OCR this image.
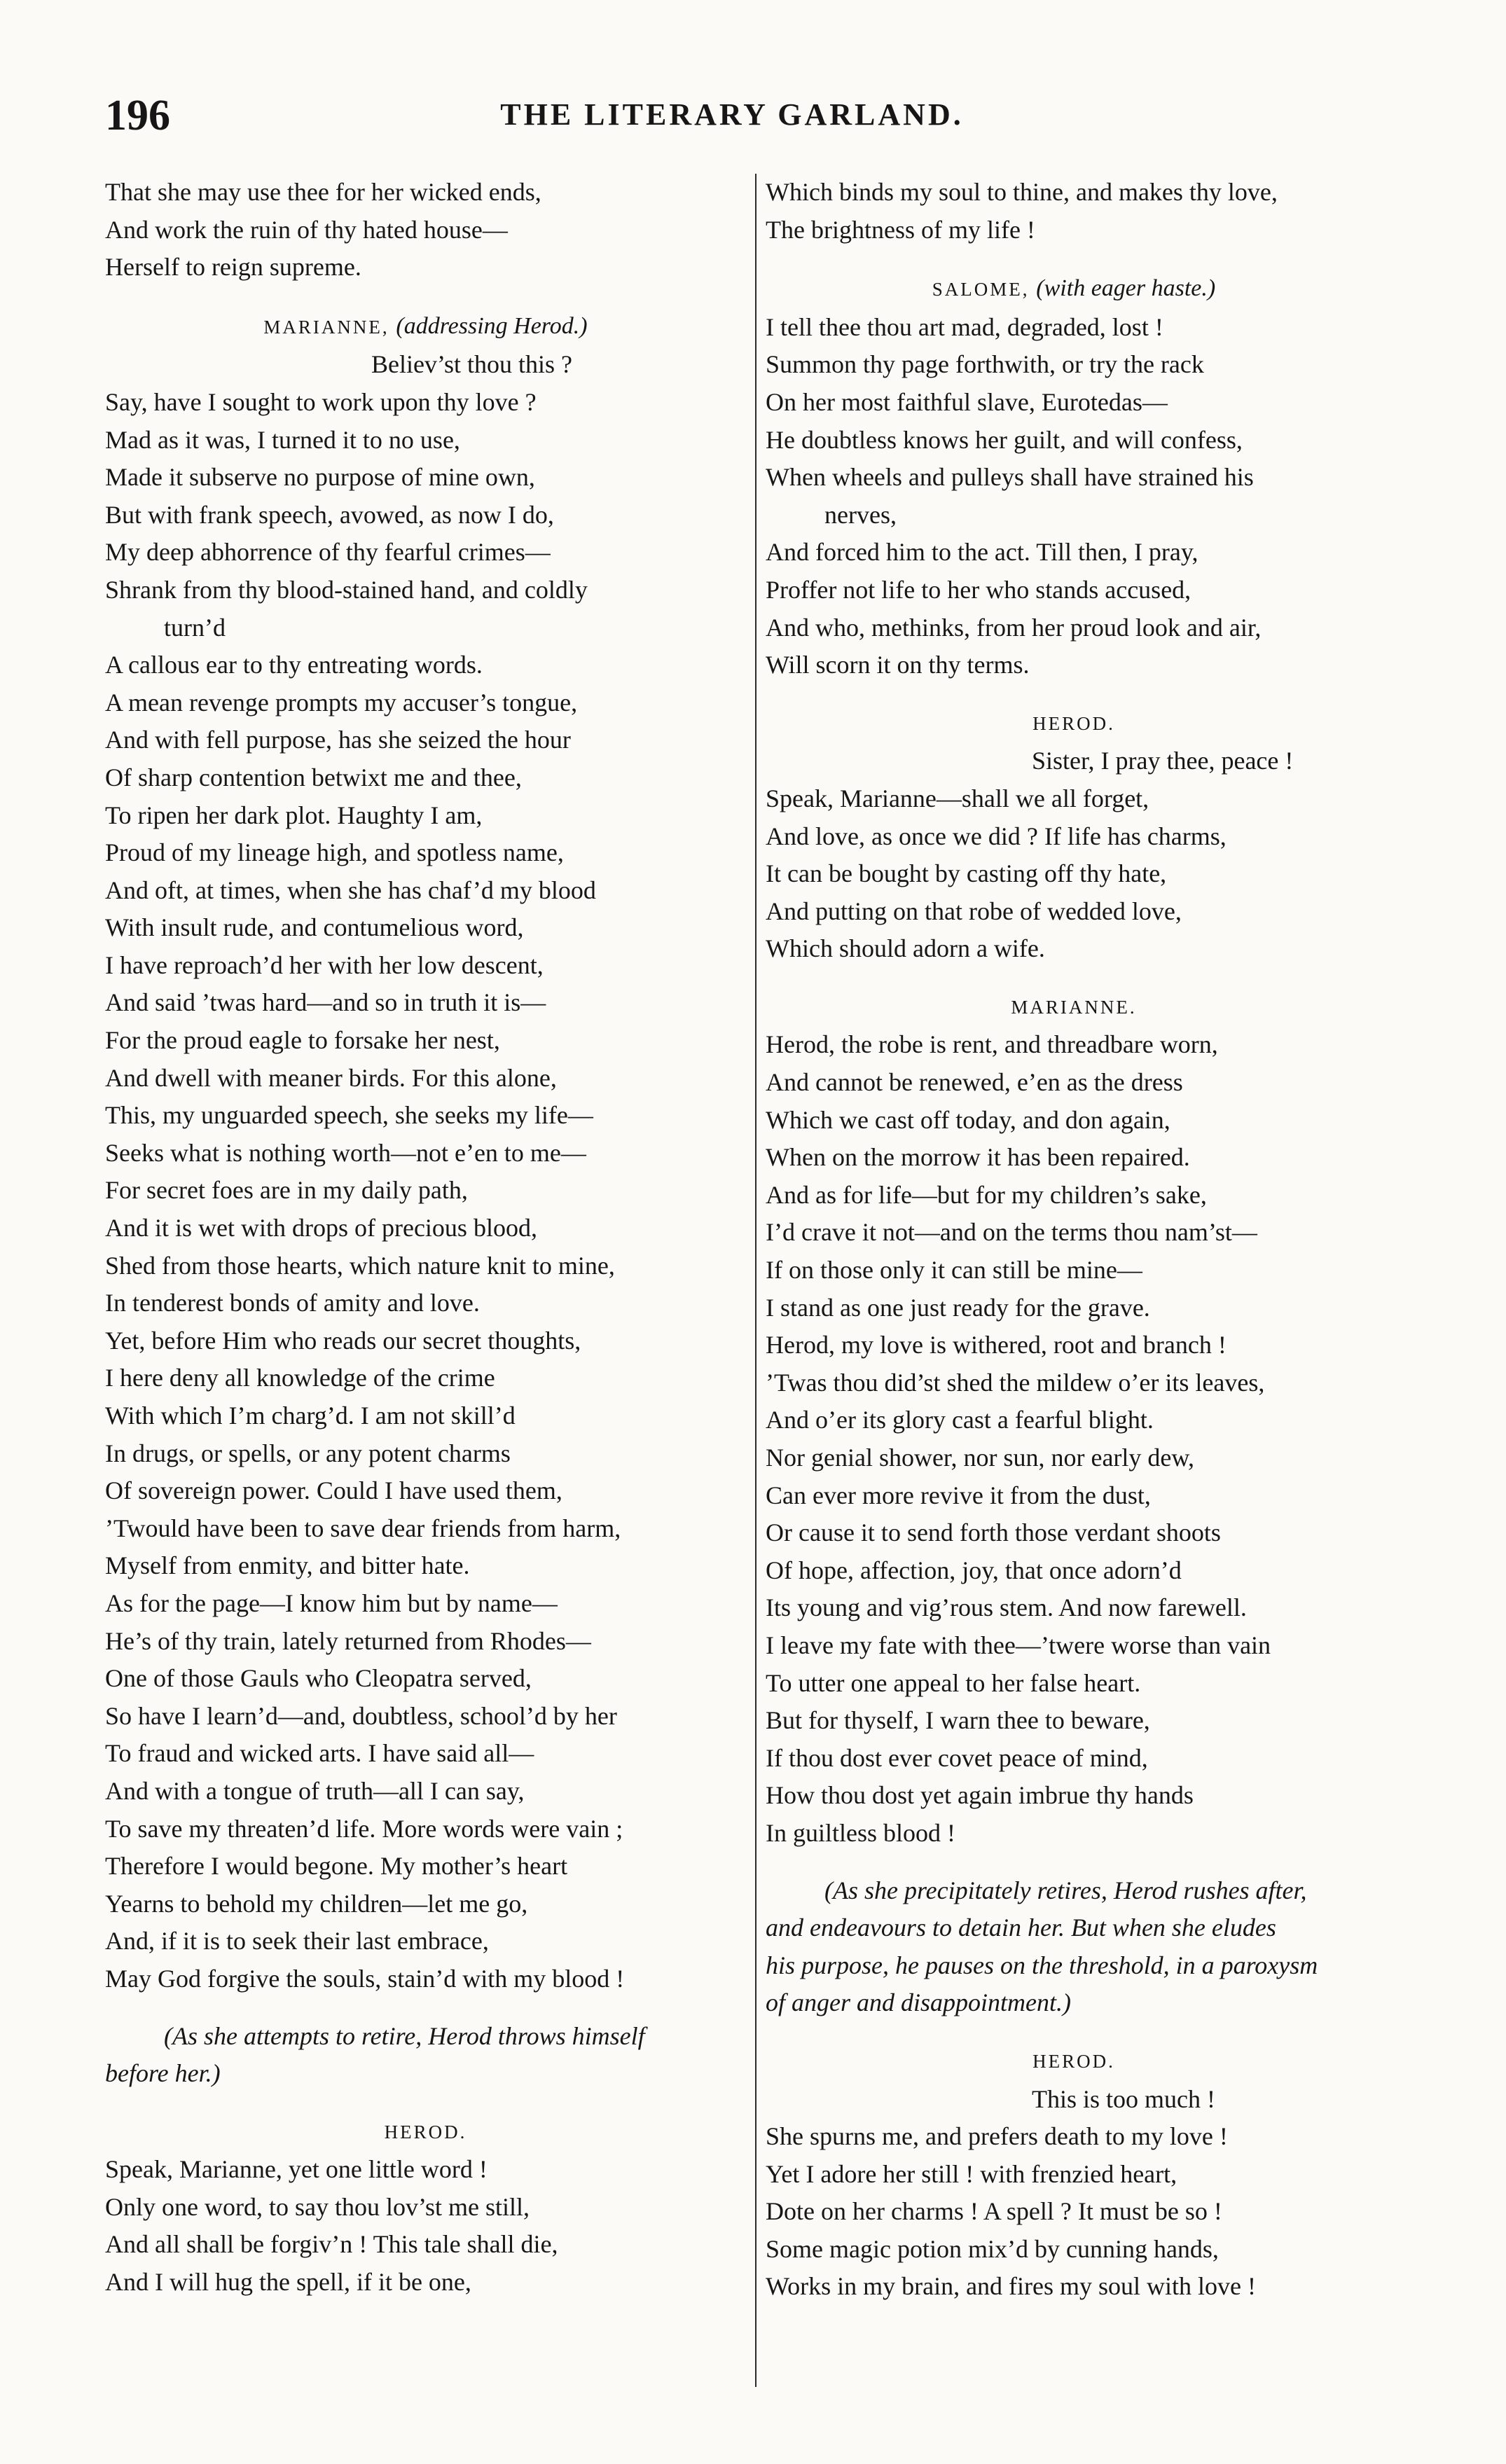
196	THE LITERARY GARLAND.
That she may use thee for her wicked ends,
And work the ruin of thy hated house—
Herself to reign supreme.
MARIANNE, (addressing Herod.)
Believ’st thou this ?
Say, have I sought to work upon thy love ?
Mad as it was, I turned it to no use,
Made it subserve no purpose of mine own,
But with frank speech, avowed, as now I do,
My deep abhorrence of thy fearful crimes—
Shrank from thy blood-stained hand, and coldly
turn’d
A callous ear to thy entreating words.
A mean revenge prompts my accuser’s tongue,
And with fell purpose, has she seized the hour
Of sharp contention betwixt me and thee,
To ripen her dark plot. Haughty I am,
Proud of my lineage high, and spotless name,
And oft, at times, when she has chaf’d my blood
With insult rude, and contumelious word,
I have reproach’d her with her low descent,
And said ’twas hard—and so in truth it is—
For the proud eagle to forsake her nest,
And dwell with meaner birds. For this alone,
This, my unguarded speech, she seeks my life—
Seeks what is nothing worth—not e’en to me—
For secret foes are in my daily path,
And it is wet with drops of precious blood,
Shed from those hearts, which nature knit to mine,
In tenderest bonds of amity and love.
Yet, before Him who reads our secret thoughts,
I here deny all knowledge of the crime
With which I’m charg’d. I am not skill’d
In drugs, or spells, or any potent charms
Of sovereign power. Could I have used them,
’Twould have been to save dear friends from harm,
Myself from enmity, and bitter hate.
As for the page—I know him but by name—
He’s of thy train, lately returned from Rhodes—
One of those Gauls who Cleopatra served,
So have I learn’d—and, doubtless, school’d by her
To fraud and wicked arts. I have said all—
And with a tongue of truth—all I can say,
To save my threaten’d life. More words were vain ;
Therefore I would begone. My mother’s heart
Yearns to behold my children—let me go,
And, if it is to seek their last embrace,
May God forgive the souls, stain’d with my blood !
(As she attempts to retire, Herod throws himself
before her.)
HEROD.
Speak, Marianne, yet one little word !
Only one word, to say thou lov’st me still,
And all shall be forgiv’n ! This tale shall die,
And I will hug the spell, if it be one,
Which binds my soul to thine, and makes thy love,
The brightness of my life !
SALOME, (with eager haste.)
I tell thee thou art mad, degraded, lost !
Summon thy page forthwith, or try the rack
On her most faithful slave, Eurotedas—
He doubtless knows her guilt, and will confess,
When wheels and pulleys shall have strained his
nerves,
And forced him to the act. Till then, I pray,
Proffer not life to her who stands accused,
And who, methinks, from her proud look and air,
Will scorn it on thy terms.
HEROD.
Sister, I pray thee, peace !
Speak, Marianne—shall we all forget,
And love, as once we did ? If life has charms,
It can be bought by casting off thy hate,
And putting on that robe of wedded love,
Which should adorn a wife.
MARIANNE.
Herod, the robe is rent, and threadbare worn,
And cannot be renewed, e’en as the dress
Which we cast off today, and don again,
When on the morrow it has been repaired.
And as for life—but for my children’s sake,
I’d crave it not—and on the terms thou nam’st—
If on those only it can still be mine—
I stand as one just ready for the grave.
Herod, my love is withered, root and branch !
’Twas thou did’st shed the mildew o’er its leaves,
And o’er its glory cast a fearful blight.
Nor genial shower, nor sun, nor early dew,
Can ever more revive it from the dust,
Or cause it to send forth those verdant shoots
Of hope, affection, joy, that once adorn’d
Its young and vig’rous stem. And now farewell.
I leave my fate with thee—’twere worse than vain
To utter one appeal to her false heart.
But for thyself, I warn thee to beware,
If thou dost ever covet peace of mind,
How thou dost yet again imbrue thy hands
In guiltless blood !
(As she precipitately retires, Herod rushes after,
and endeavours to detain her. But when she eludes
his purpose, he pauses on the threshold, in a paroxysm
of anger and disappointment.)
HEROD.
This is too much !
She spurns me, and prefers death to my love !
Yet I adore her still ! with frenzied heart,
Dote on her charms ! A spell ? It must be so !
Some magic potion mix’d by cunning hands,
Works in my brain, and fires my soul with love !
